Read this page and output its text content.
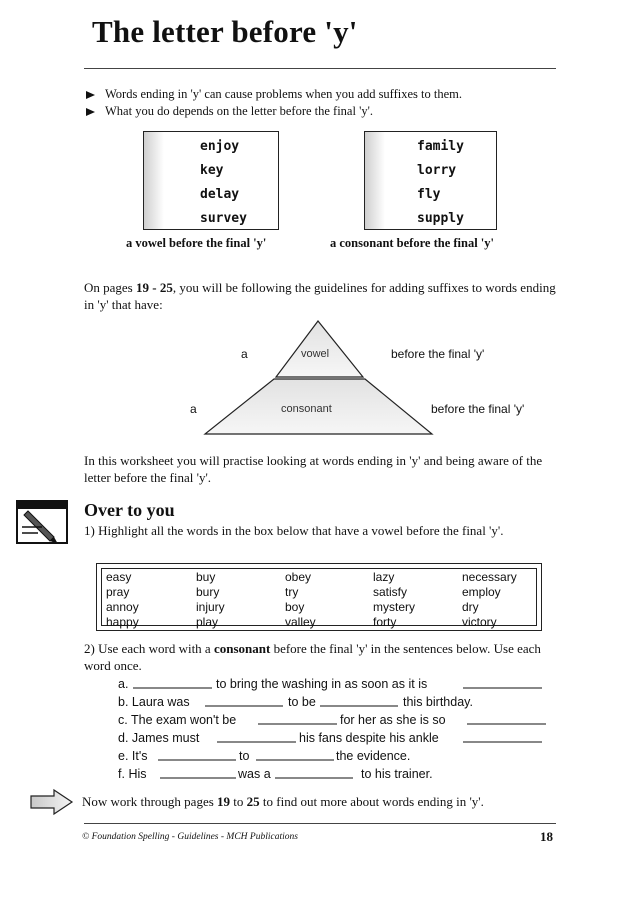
The letter before 'y'
Words ending in 'y' can cause problems when you add suffixes to them.
What you do depends on the letter before the final 'y'.
enjoy
key
delay
survey
a vowel before the final 'y'
family
lorry
fly
supply
a consonant before the final 'y'
On pages 19 - 25, you will be following the guidelines for adding suffixes to words ending in 'y' that have:
a	vowel	before the final 'y'
a	consonant	before the final 'y'
In this worksheet you will practise looking at words ending in 'y' and being aware of the letter before the final 'y'.
Over to you
1) Highlight all the words in the box below that have a vowel before the final 'y'.
easy	buy	obey	lazy	necessary
pray	bury	try	satisfy	employ
annoy	injury	boy	mystery	dry
happy	play	valley	forty	victory
2) Use each word with a consonant before the final 'y' in the sentences below. Use each word once.
a.	to bring the washing in as soon as it is
b. Laura was	to be	this birthday.
c. The exam won't be	for her as she is so
d. James must	his fans despite his ankle
e. It's	to	the evidence.
f. His	was a	to his trainer.
Now work through pages 19 to 25 to find out more about words ending in 'y'.
© Foundation Spelling - Guidelines - MCH Publications	18
